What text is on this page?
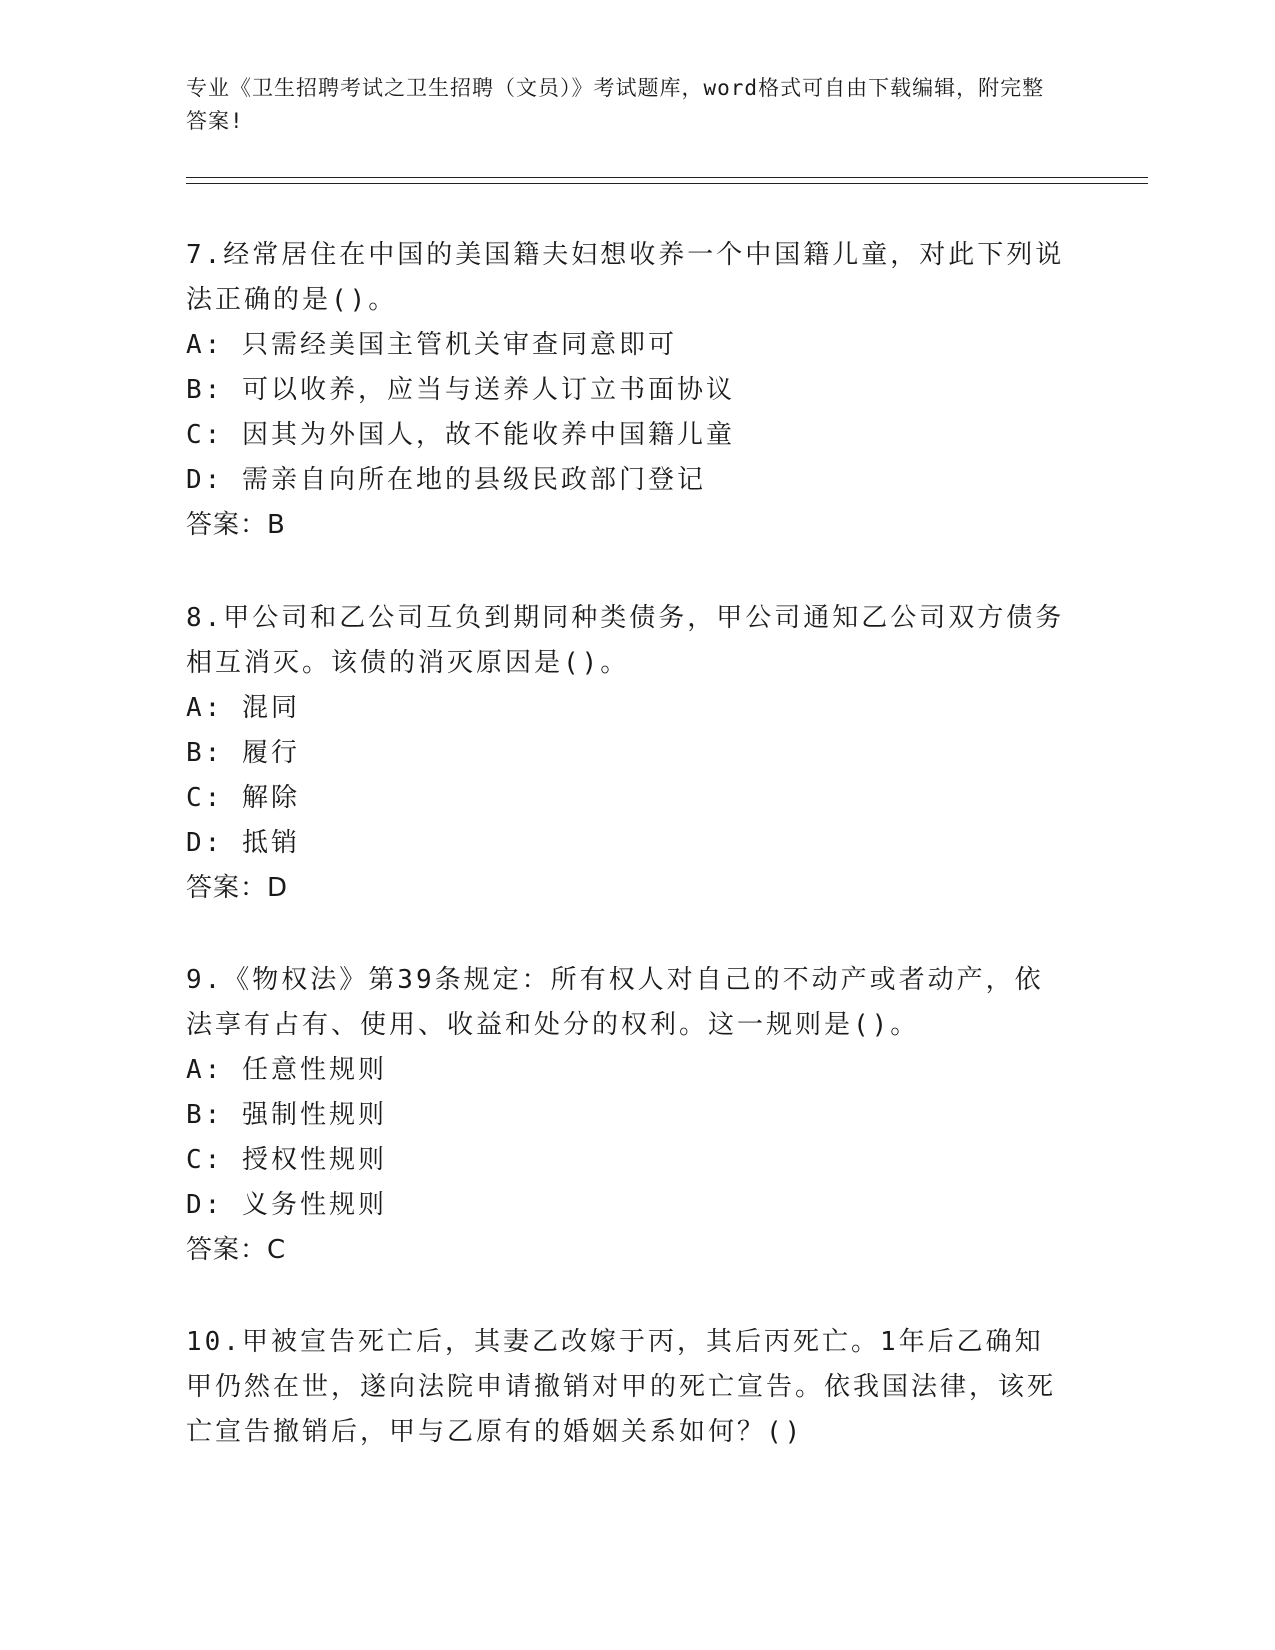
专业《卫生招聘考试之卫生招聘（文员）》考试题库，word格式可自由下载编辑，附完整答案!

7.经常居住在中国的美国籍夫妇想收养一个中国籍儿童，对此下列说法正确的是()。

A: 只需经美国主管机关审查同意即可

B: 可以收养，应当与送养人订立书面协议

C: 因其为外国人，故不能收养中国籍儿童

D: 需亲自向所在地的县级民政部门登记

答案：B

8.甲公司和乙公司互负到期同种类债务，甲公司通知乙公司双方债务相互消灭。该债的消灭原因是()。

A: 混同

B: 履行

C: 解除

D: 抵销

答案：D

9.《物权法》第39条规定：所有权人对自己的不动产或者动产，依法享有占有、使用、收益和处分的权利。这一规则是()。

A: 任意性规则

B: 强制性规则

C: 授权性规则

D: 义务性规则

答案：C

10.甲被宣告死亡后，其妻乙改嫁于丙，其后丙死亡。1年后乙确知甲仍然在世，遂向法院申请撤销对甲的死亡宣告。依我国法律，该死亡宣告撤销后，甲与乙原有的婚姻关系如何？()
